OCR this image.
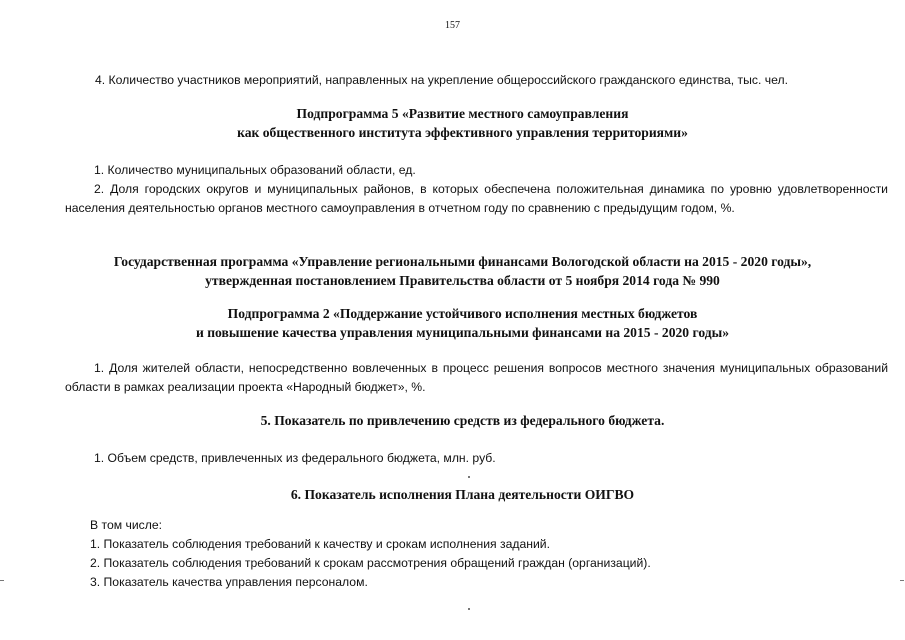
157

4. Количество участников мероприятий, направленных на укрепление общероссийского гражданского единства, тыс. чел.

Подпрограмма 5 «Развитие местного самоуправления
как общественного института эффективного управления территориями»

1. Количество муниципальных образований области, ед.

2. Доля городских округов и муниципальных районов, в которых обеспечена положительная динамика по уровню удовлетворенности населения деятельностью органов местного самоуправления в отчетном году по сравнению с предыдущим годом, %.

Государственная программа «Управление региональными финансами Вологодской области на 2015 - 2020 годы»,
утвержденная постановлением Правительства области от 5 ноября 2014 года № 990
Подпрограмма 2 «Поддержание устойчивого исполнения местных бюджетов
и повышение качества управления муниципальными финансами на 2015 - 2020 годы»

1. Доля жителей области, непосредственно вовлеченных в процесс решения вопросов местного значения муниципальных образований области в рамках реализации проекта «Народный бюджет», %.

5. Показатель по привлечению средств из федерального бюджета.

1. Объем средств, привлеченных из федерального бюджета, млн. руб.

6. Показатель исполнения Плана деятельности ОИГВО
В том числе:
1. Показатель соблюдения требований к качеству и срокам исполнения заданий.
2. Показатель соблюдения требований к срокам рассмотрения обращений граждан (организаций).
3. Показатель качества управления персоналом.
